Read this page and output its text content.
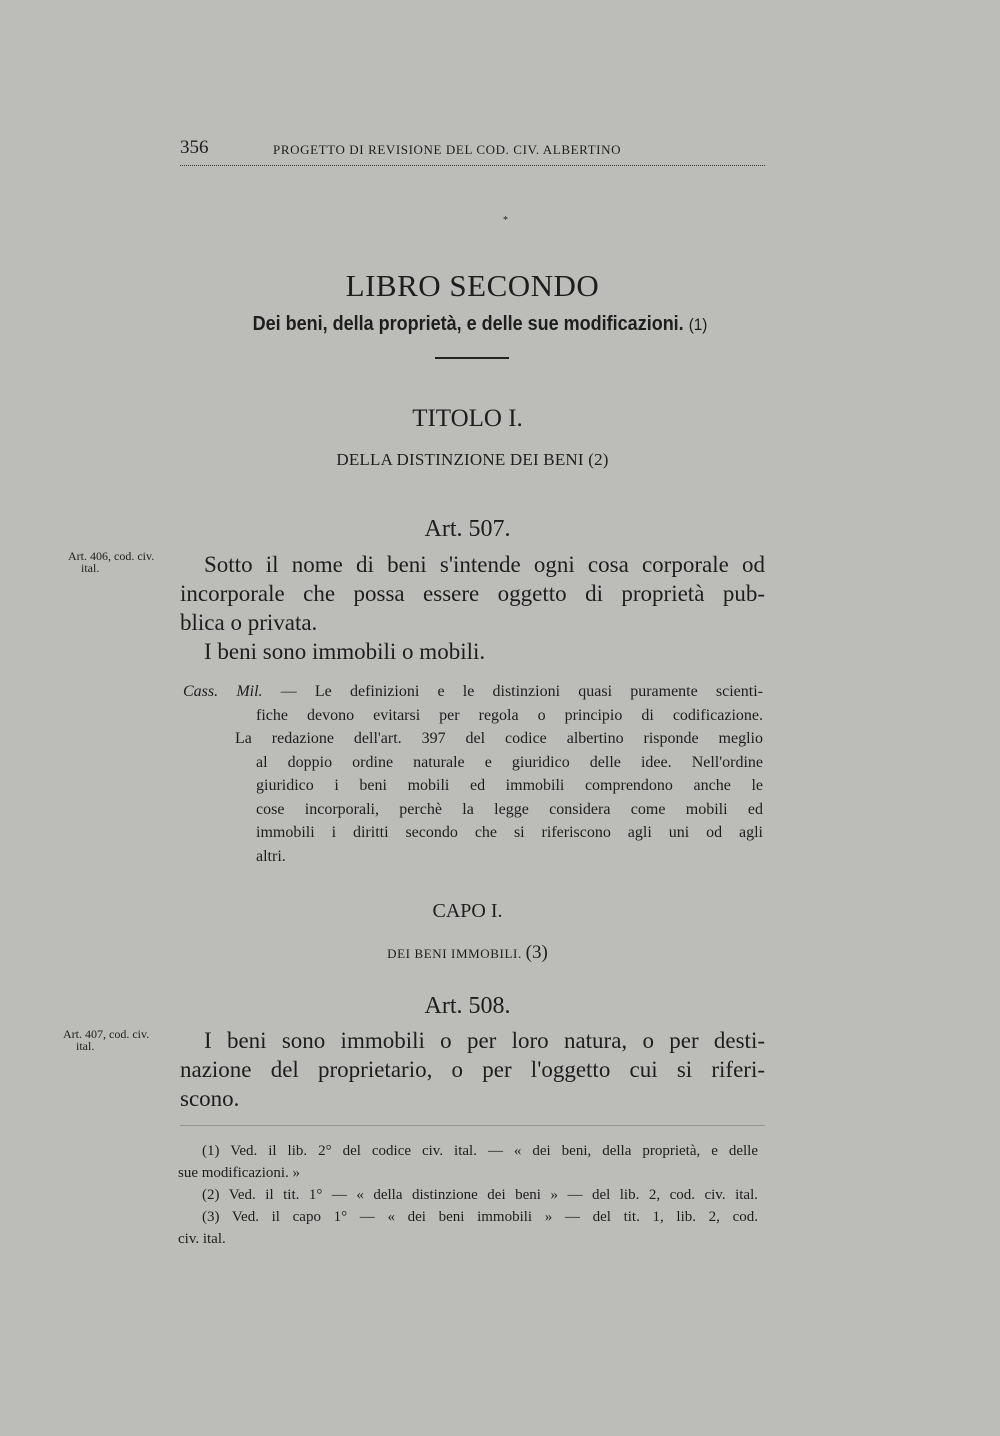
356	PROGETTO DI REVISIONE DEL COD. CIV. ALBERTINO
*
LIBRO SECONDO
Dei beni, della proprietà, e delle sue modificazioni. (1)
TITOLO I.
DELLA DISTINZIONE DEI BENI (2)
Art. 507.
Art. 406, cod. civ.
ital.	Sotto il nome di beni s'intende ogni cosa corporale od
incorporale che possa essere oggetto di proprietà pub-
blica o privata.
I beni sono immobili o mobili.
Cass. Mil. — Le definizioni e le distinzioni quasi puramente scienti-
fiche devono evitarsi per regola o principio di codificazione.
La redazione dell'art. 397 del codice albertino risponde meglio
al doppio ordine naturale e giuridico delle idee. Nell'ordine
giuridico i beni mobili ed immobili comprendono anche le
cose incorporali, perchè la legge considera come mobili ed
immobili i diritti secondo che si riferiscono agli uni od agli
altri.
CAPO I.
DEI BENI IMMOBILI. (3)
Art. 508.
Art. 407, cod. civ.
ital.	I beni sono immobili o per loro natura, o per desti-
nazione del proprietario, o per l'oggetto cui si riferi-
scono.
(1) Ved. il lib. 2° del codice civ. ital. — « dei beni, della proprietà, e delle
sue modificazioni. »
(2) Ved. il tit. 1° — « della distinzione dei beni » — del lib. 2, cod. civ. ital.
(3) Ved. il capo 1° — « dei beni immobili » — del tit. 1, lib. 2, cod.
civ. ital.
